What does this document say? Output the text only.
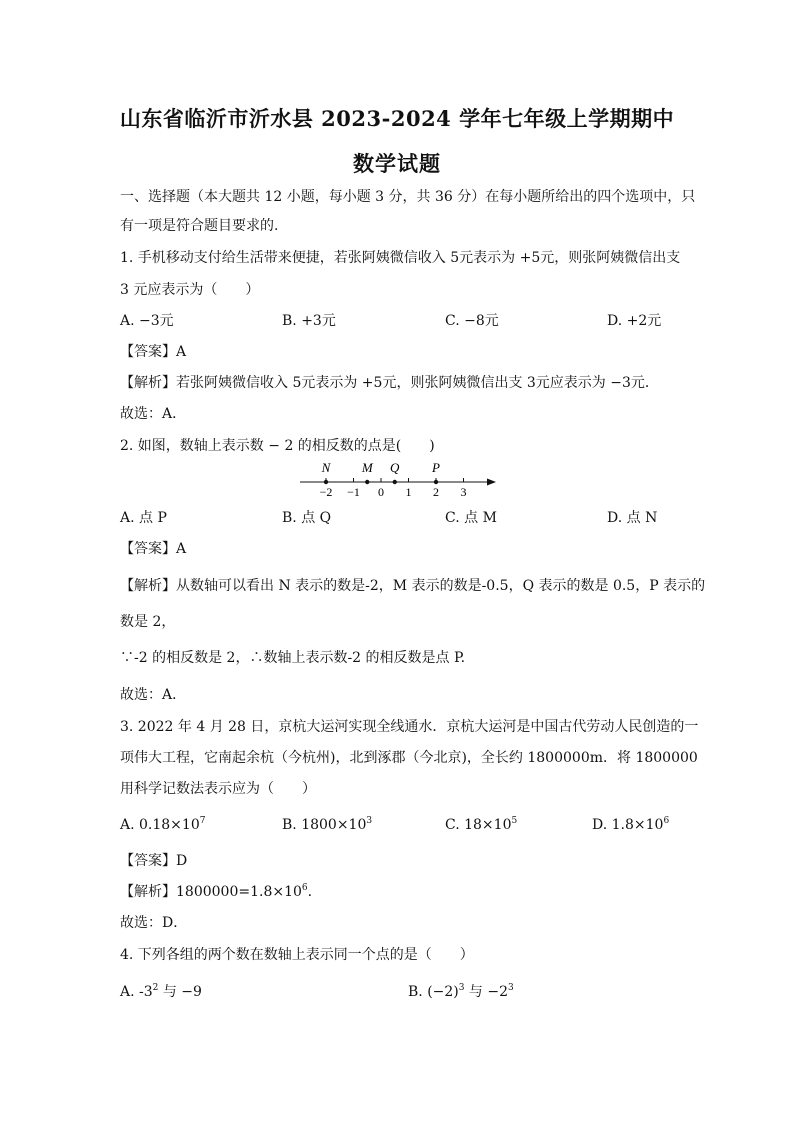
山东省临沂市沂水县 2023-2024 学年七年级上学期期中
数学试题
一、选择题（本大题共 12 小题，每小题 3 分，共 36 分）在每小题所给出的四个选项中，只
有一项是符合题目要求的.
1. 手机移动支付给生活带来便捷，若张阿姨微信收入 5元表示为 +5元，则张阿姨微信出支
3 元应表示为（　　）
A. −3元	B. +3元	C. −8元	D. +2元
【答案】A
【解析】若张阿姨微信收入 5元表示为 +5元，则张阿姨微信出支 3元应表示为 −3元．
故选：A．
2. 如图，数轴上表示数 − 2 的相反数的点是(　　)
−2 −1 0 1 2 3
N M Q	P
A. 点 P	B. 点 Q	C. 点 M	D. 点 N
【答案】A
【解析】从数轴可以看出 N 表示的数是-2，M 表示的数是-0.5，Q 表示的数是 0.5，P 表示的
数是 2，
∵-2 的相反数是 2，∴数轴上表示数-2 的相反数是点 P.
故选：A．
3. 2022 年 4 月 28 日，京杭大运河实现全线通水．京杭大运河是中国古代劳动人民创造的一
项伟大工程，它南起余杭（今杭州)，北到涿郡（今北京)，全长约 1800000m．将 1800000
用科学记数法表示应为（　　）
A. $0.18\times 10^7$	B. $1800\times 10^3$	C. $18\times 10^5$	D. $1.8\times 10^6$
【答案】D
【解析】$1800000=1.8\times 10^6$.
故选：D．
4. 下列各组的两个数在数轴上表示同一个点的是（　　）
A. $-3^2$ 与 −9	B. $(-2)^3$ 与 $-2^3$
